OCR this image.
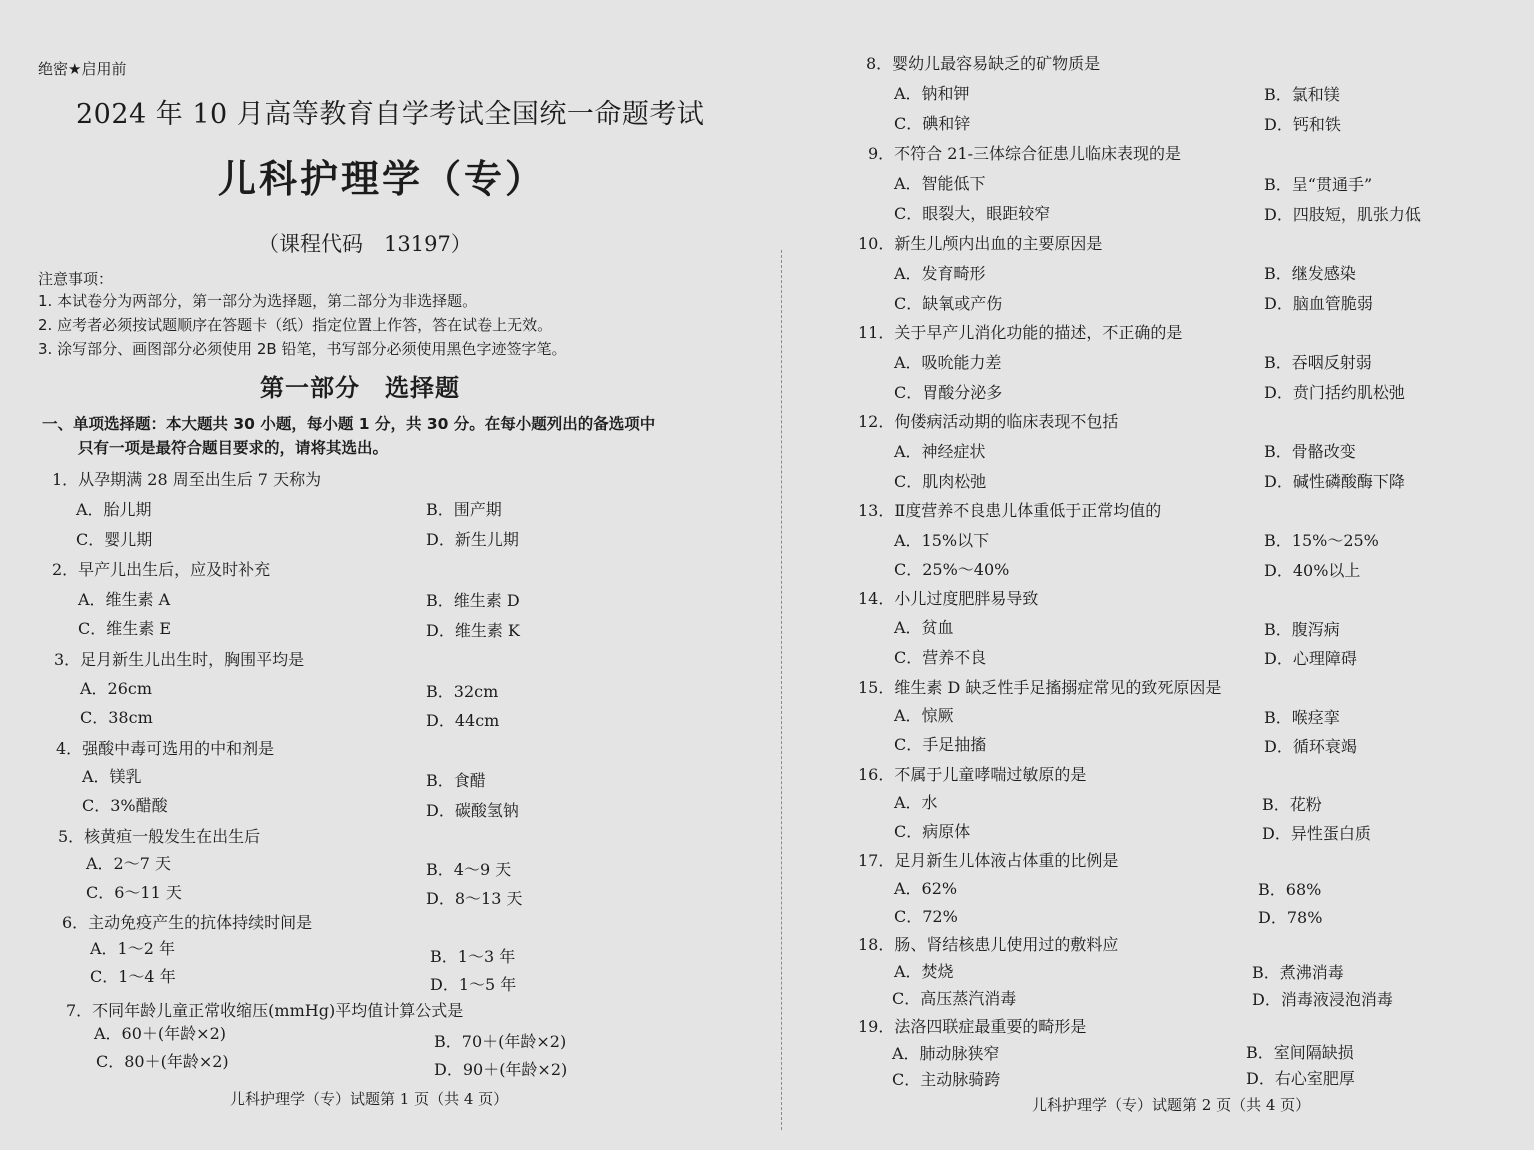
绝密★启用前
2024 年 10 月高等教育自学考试全国统一命题考试
儿科护理学（专）
（课程代码　13197）
注意事项：
1. 本试卷分为两部分，第一部分为选择题，第二部分为非选择题。
2. 应考者必须按试题顺序在答题卡（纸）指定位置上作答，答在试卷上无效。
3. 涂写部分、画图部分必须使用 2B 铅笔，书写部分必须使用黑色字迹签字笔。
第一部分　选择题
一、单项选择题：本大题共 30 小题，每小题 1 分，共 30 分。在每小题列出的备选项中
只有一项是最符合题目要求的，请将其选出。
1．从孕期满 28 周至出生后 7 天称为
A．胎儿期	B．围产期
C．婴儿期	D．新生儿期
2．早产儿出生后，应及时补充
A．维生素 A	B．维生素 D
C．维生素 E	D．维生素 K
3．足月新生儿出生时，胸围平均是
A．26cm	B．32cm
C．38cm	D．44cm
4．强酸中毒可选用的中和剂是
A．镁乳	B．食醋
C．3%醋酸	D．碳酸氢钠
5．核黄疸一般发生在出生后
A．2～7 天	B．4～9 天
C．6～11 天	D．8～13 天
6．主动免疫产生的抗体持续时间是
A．1～2 年	B．1～3 年
C．1～4 年	D．1～5 年
7．不同年龄儿童正常收缩压(mmHg)平均值计算公式是
A．60＋(年龄×2)	B．70＋(年龄×2)
C．80＋(年龄×2)	D．90＋(年龄×2)
儿科护理学（专）试题第 1 页（共 4 页）
8．婴幼儿最容易缺乏的矿物质是
A．钠和钾	B．氯和镁
C．碘和锌	D．钙和铁
9．不符合 21-三体综合征患儿临床表现的是
A．智能低下	B．呈“贯通手”
C．眼裂大，眼距较窄	D．四肢短，肌张力低
10．新生儿颅内出血的主要原因是
A．发育畸形	B．继发感染
C．缺氧或产伤	D．脑血管脆弱
11．关于早产儿消化功能的描述，不正确的是
A．吸吮能力差	B．吞咽反射弱
C．胃酸分泌多	D．贲门括约肌松弛
12．佝偻病活动期的临床表现不包括
A．神经症状	B．骨骼改变
C．肌肉松弛	D．碱性磷酸酶下降
13．Ⅱ度营养不良患儿体重低于正常均值的
A．15%以下	B．15%～25%
C．25%～40%	D．40%以上
14．小儿过度肥胖易导致
A．贫血	B．腹泻病
C．营养不良	D．心理障碍
15．维生素 D 缺乏性手足搐搦症常见的致死原因是
A．惊厥	B．喉痉挛
C．手足抽搐	D．循环衰竭
16．不属于儿童哮喘过敏原的是
A．水	B．花粉
C．病原体	D．异性蛋白质
17．足月新生儿体液占体重的比例是
A．62%	B．68%
C．72%	D．78%
18．肠、肾结核患儿使用过的敷料应
A．焚烧	B．煮沸消毒
C．高压蒸汽消毒	D．消毒液浸泡消毒
19．法洛四联症最重要的畸形是
A．肺动脉狭窄	B．室间隔缺损
C．主动脉骑跨	D．右心室肥厚
儿科护理学（专）试题第 2 页（共 4 页）
